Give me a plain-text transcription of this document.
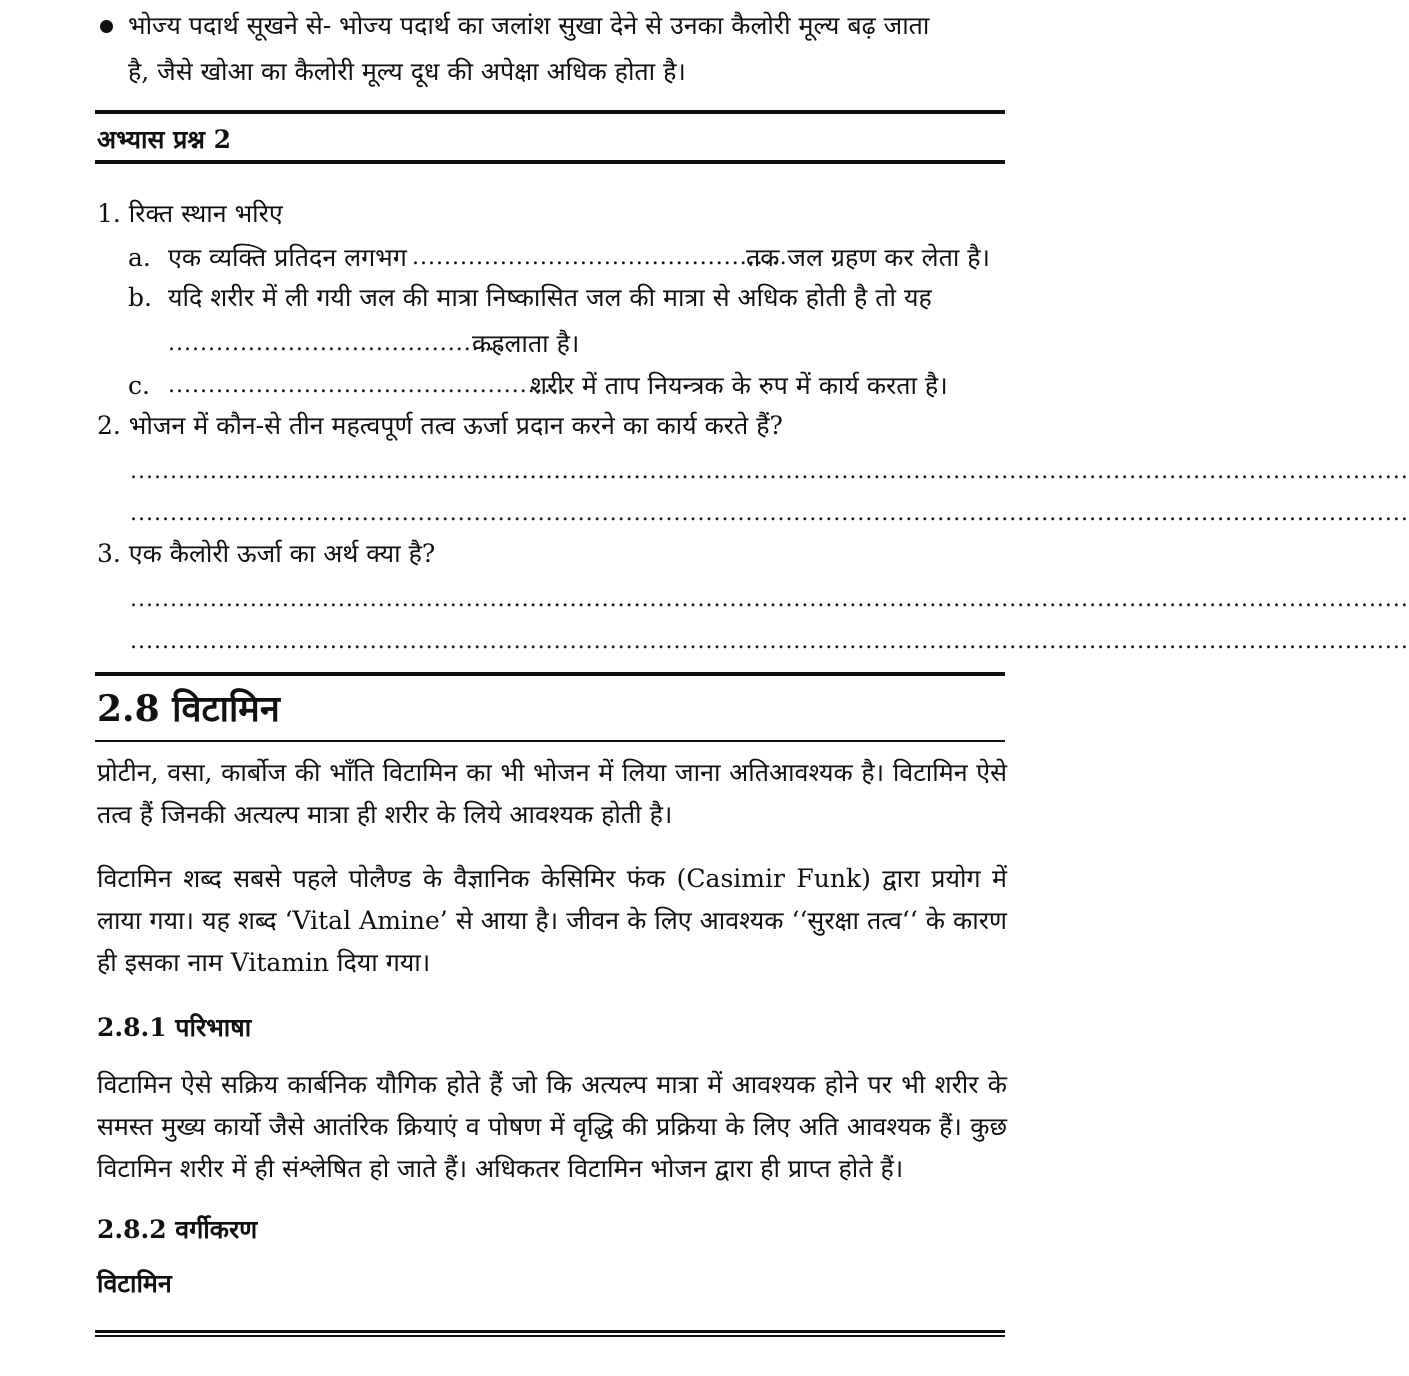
भोज्य पदार्थ सूखने से- भोज्य पदार्थ का जलांश सुखा देने से उनका कैलोरी मूल्य बढ़ जाता
है, जैसे खोआ का कैलोरी मूल्य दूध की अपेक्षा अधिक होता है।
अभ्यास प्रश्न 2
1. रिक्त स्थान भरिए
a. एक व्यक्ति प्रतिदन लगभग ...............................................
तक जल ग्रहण कर लेता है।
b. यदि शरीर में ली गयी जल की मात्रा निष्कासित जल की मात्रा से अधिक होती है तो यह
..........................................
कहलाता है।
c. ..................................................
शरीर में ताप नियन्त्रक के रुप में कार्य करता है।
2. भोजन में कौन-से तीन महत्वपूर्ण तत्व ऊर्जा प्रदान करने का कार्य करते हैं?
................................................................................................................................................................
................................................................................................................................................................
3. एक कैलोरी ऊर्जा का अर्थ क्या है?
................................................................................................................................................................
................................................................................................................................................................
2.8 विटामिन
प्रोटीन, वसा, कार्बोज की भाँति विटामिन का भी भोजन में लिया जाना अतिआवश्यक है। विटामिन ऐसे तत्व हैं जिनकी अत्यल्प मात्रा ही शरीर के लिये आवश्यक होती है।
विटामिन शब्द सबसे पहले पोलैण्ड के वैज्ञानिक केसिमिर फंक (Casimir Funk) द्वारा प्रयोग में लाया गया। यह शब्द ‘Vital Amine’ से आया है। जीवन के लिए आवश्यक ‘‘सुरक्षा तत्व‘‘ के कारण ही इसका नाम Vitamin दिया गया।
2.8.1 परिभाषा
विटामिन ऐसे सक्रिय कार्बनिक यौगिक होते हैं जो कि अत्यल्प मात्रा में आवश्यक होने पर भी शरीर के समस्त मुख्य कार्यो जैसे आतंरिक क्रियाएं व पोषण में वृद्धि की प्रक्रिया के लिए अति आवश्यक हैं। कुछ विटामिन शरीर में ही संश्लेषित हो जाते हैं। अधिकतर विटामिन भोजन द्वारा ही प्राप्त होते हैं।
2.8.2 वर्गीकरण
विटामिन
